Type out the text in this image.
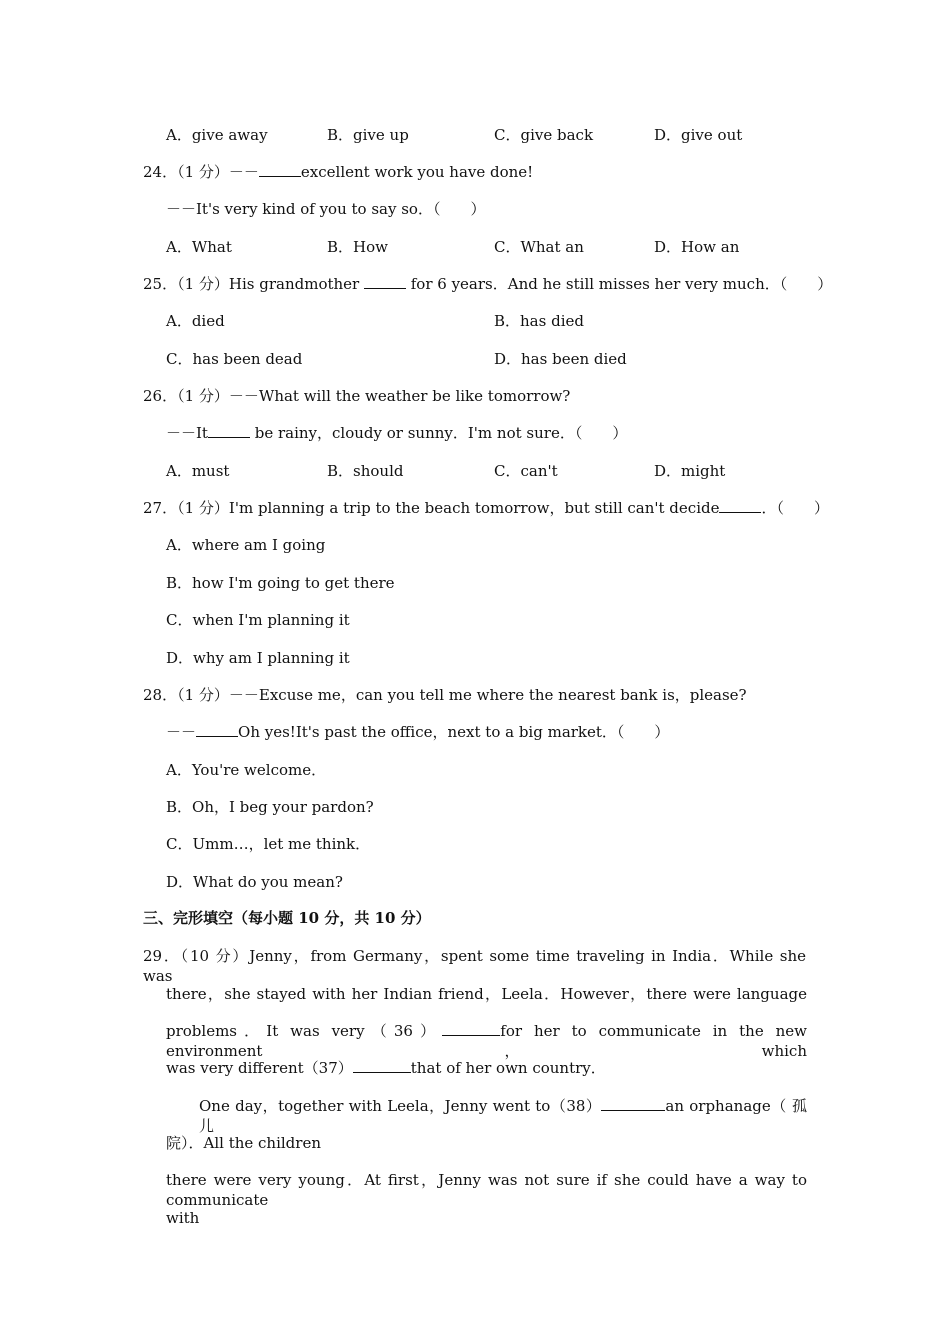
A．give away	B．give up	C．give back	D．give out
24．（1 分）－－	excellent work you have done!
－－It's very kind of you to say so．（　　）
A．What	B．How	C．What an	D．How an
25．（1 分）His grandmother	for 6 years．And he still misses her very much．（　　）
A．died	B．has died
C．has been dead	D．has been died
26．（1 分）－－What will the weather be like tomorrow?
－－It	be rainy，cloudy or sunny．I'm not sure．（　　）
A．must	B．should	C．can't	D．might
27．（1 分）I'm planning a trip to the beach tomorrow，but still can't decide	．（　　）
A．where am I going
B．how I'm going to get there
C．when I'm planning it
D．why am I planning it
28．（1 分）－－Excuse me，can you tell me where the nearest bank is，please?
－－	Oh yes!It's past the office，next to a big market．（　　）
A．You're welcome．
B．Oh，I beg your pardon?
C．Umm…，let me think．
D．What do you mean?
三、完形填空（每小题 10 分，共 10 分）
29．（10 分）Jenny，from Germany，spent some time traveling in India．While she was
there，she stayed with her Indian friend，Leela．However，there were language
problems．It was very（36）	for her to communicate in the new environment，which
was very different（37）	that of her own country．
One day，together with Leela，Jenny went to（38）	an orphanage（ 孤 儿
院）．All the children
there were very young．At first，Jenny was not sure if she could have a way to communicate
with
